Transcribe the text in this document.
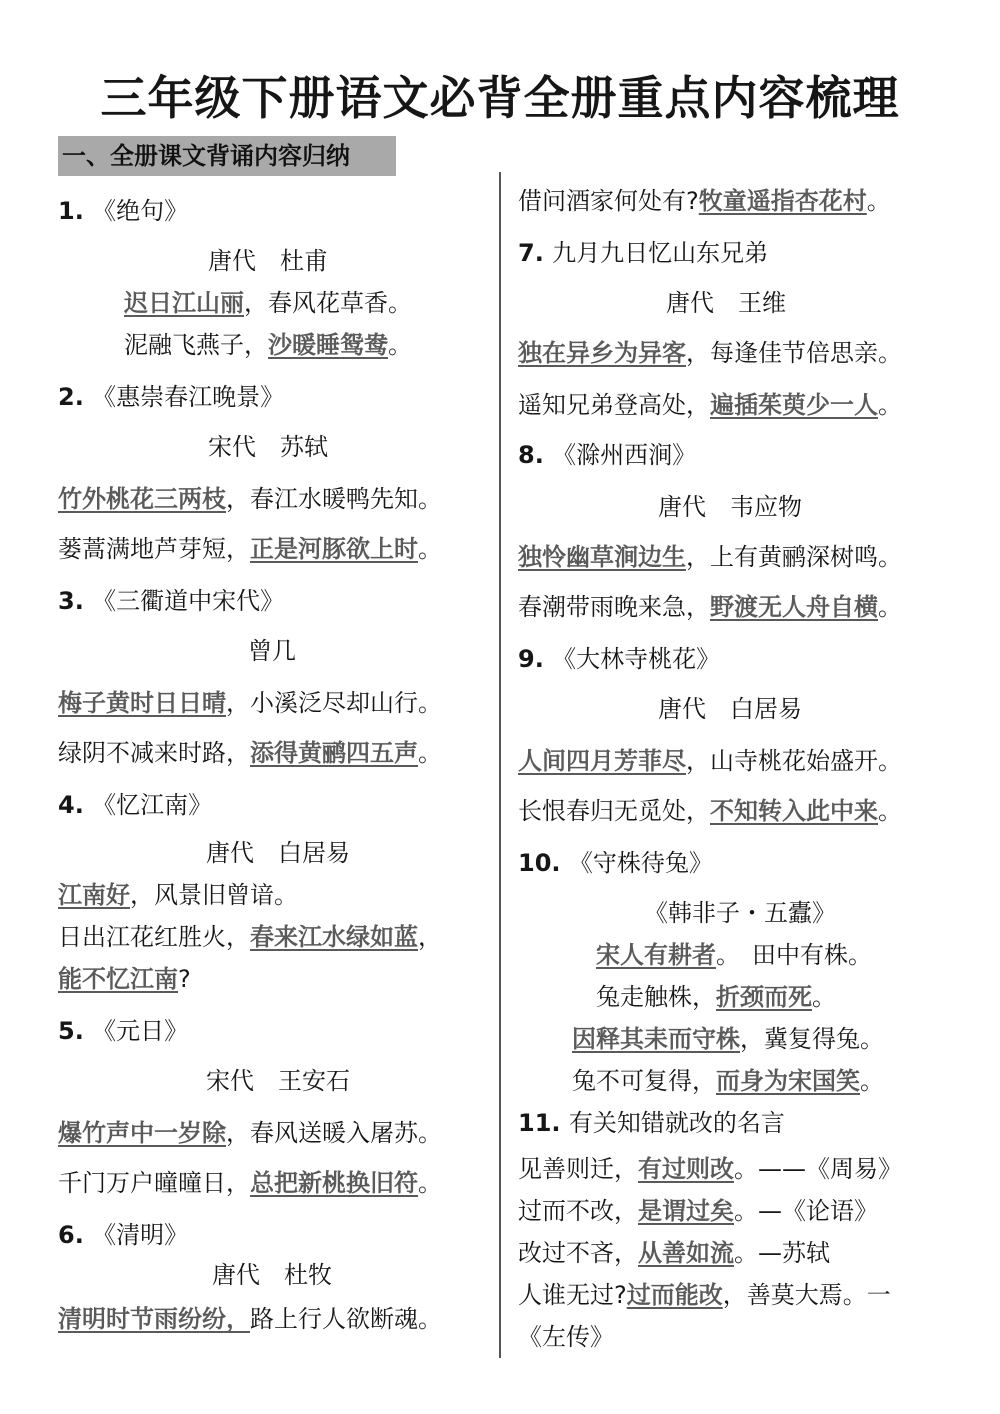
三年级下册语文必背全册重点内容梳理
一、全册课文背诵内容归纳
1. 《绝句》
唐代　杜甫
迟日江山丽，春风花草香。
泥融飞燕子，沙暖睡鸳鸯。
2. 《惠崇春江晚景》
宋代　苏轼
竹外桃花三两枝，春江水暖鸭先知。
蒌蒿满地芦芽短，正是河豚欲上时。
3. 《三衢道中宋代》
曾几
梅子黄时日日晴，小溪泛尽却山行。
绿阴不减来时路，添得黄鹂四五声。
4. 《忆江南》
唐代　白居易
江南好，风景旧曾谙。
日出江花红胜火，春来江水绿如蓝，
能不忆江南?
5. 《元日》
宋代　王安石
爆竹声中一岁除，春风送暖入屠苏。
千门万户曈曈日，总把新桃换旧符。
6. 《清明》
唐代　杜牧
清明时节雨纷纷，路上行人欲断魂。
借问酒家何处有?牧童遥指杏花村。
7. 九月九日忆山东兄弟
唐代　王维
独在异乡为异客，每逢佳节倍思亲。
遥知兄弟登高处，遍插茱萸少一人。
8. 《滁州西涧》
唐代　韦应物
独怜幽草涧边生，上有黄鹂深树鸣。
春潮带雨晚来急，野渡无人舟自横。
9. 《大林寺桃花》
唐代　白居易
人间四月芳菲尽，山寺桃花始盛开。
长恨春归无觅处，不知转入此中来。
10. 《守株待兔》
《韩非子・五蠹》
宋人有耕者。　田中有株。
兔走触株，折颈而死。
因释其耒而守株，冀复得兔。
兔不可复得，而身为宋国笑。
11. 有关知错就改的名言
见善则迁，有过则改。——《周易》
过而不改，是谓过矣。—《论语》
改过不吝，从善如流。—苏轼
人谁无过?过而能改，善莫大焉。一
《左传》
